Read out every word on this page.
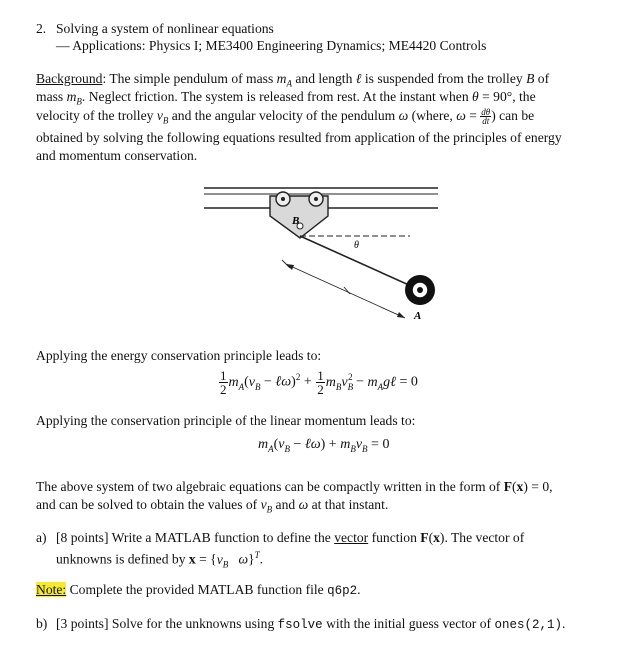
2. Solving a system of nonlinear equations
— Applications: Physics I; ME3400 Engineering Dynamics; ME4420 Controls
Background: The simple pendulum of mass $m_A$ and length ℓ is suspended from the trolley B of
mass $m_B$. Neglect friction. The system is released from rest. At the instant when θ = 90°, the
velocity of the trolley $v_B$ and the angular velocity of the pendulum ω (where, $\omega = \frac{d\theta}{dt}$ ) can be
obtained by solving the following equations resulted from application of the principles of energy
and momentum conservation.
B
θ
A
Applying the energy conservation principle leads to:
$\frac{1}{2} m_A(v_B$ − ℓω)$^2$ + $\frac{1}{2} m_Bv_B^2$ − $m_Ag\ell = 0$
Applying the conservation principle of the linear momentum leads to:
$m_A(v_B$ − ℓω) + $m_Bv_B = 0$
The above system of two algebraic equations can be compactly written in the form of F(x) = 0,
and can be solved to obtain the values of $v_B$ and ω at that instant.
a) [8 points] Write a MATLAB function to define the vector function F(x). The vector of
unknowns is defined by $x = \{v_B$ ω}$^T$.
Note: Complete the provided MATLAB function file q6p2.
b) [3 points] Solve for the unknowns using fsolve with the initial guess vector of ones(2,1).
